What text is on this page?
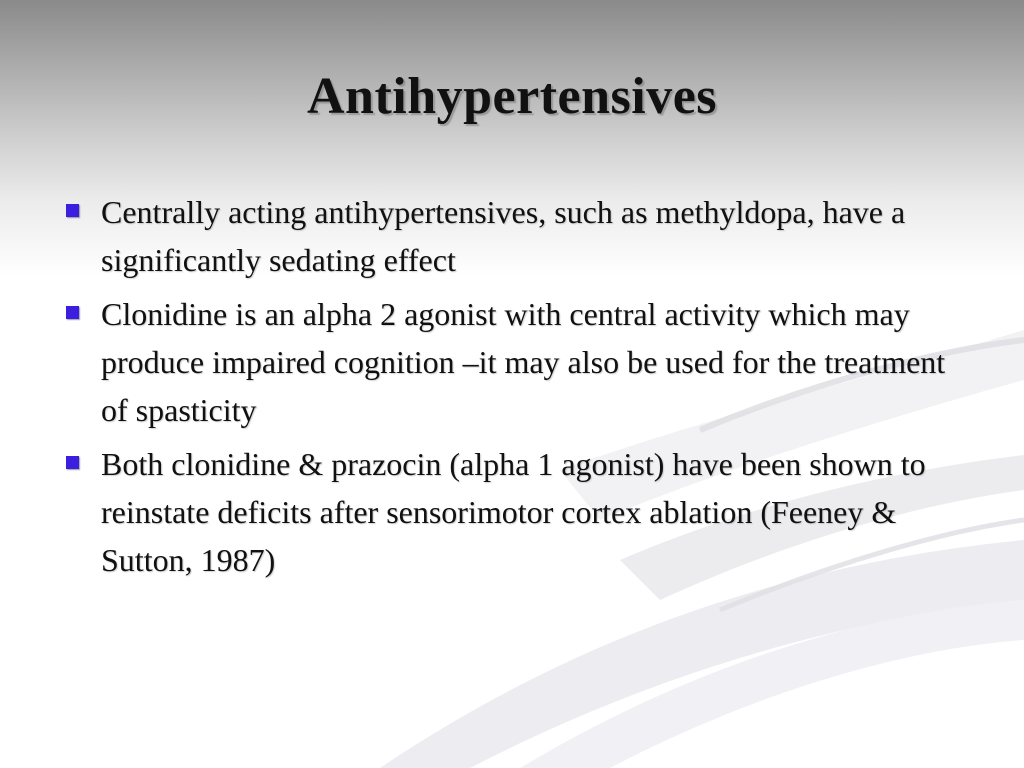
Antihypertensives
Centrally acting antihypertensives, such as methyldopa, have a significantly sedating effect
Clonidine is an alpha 2 agonist with central activity which may produce impaired cognition –it may also be used for the treatment of spasticity
Both clonidine & prazocin (alpha 1 agonist) have been shown to reinstate deficits after sensorimotor cortex ablation (Feeney & Sutton, 1987)
